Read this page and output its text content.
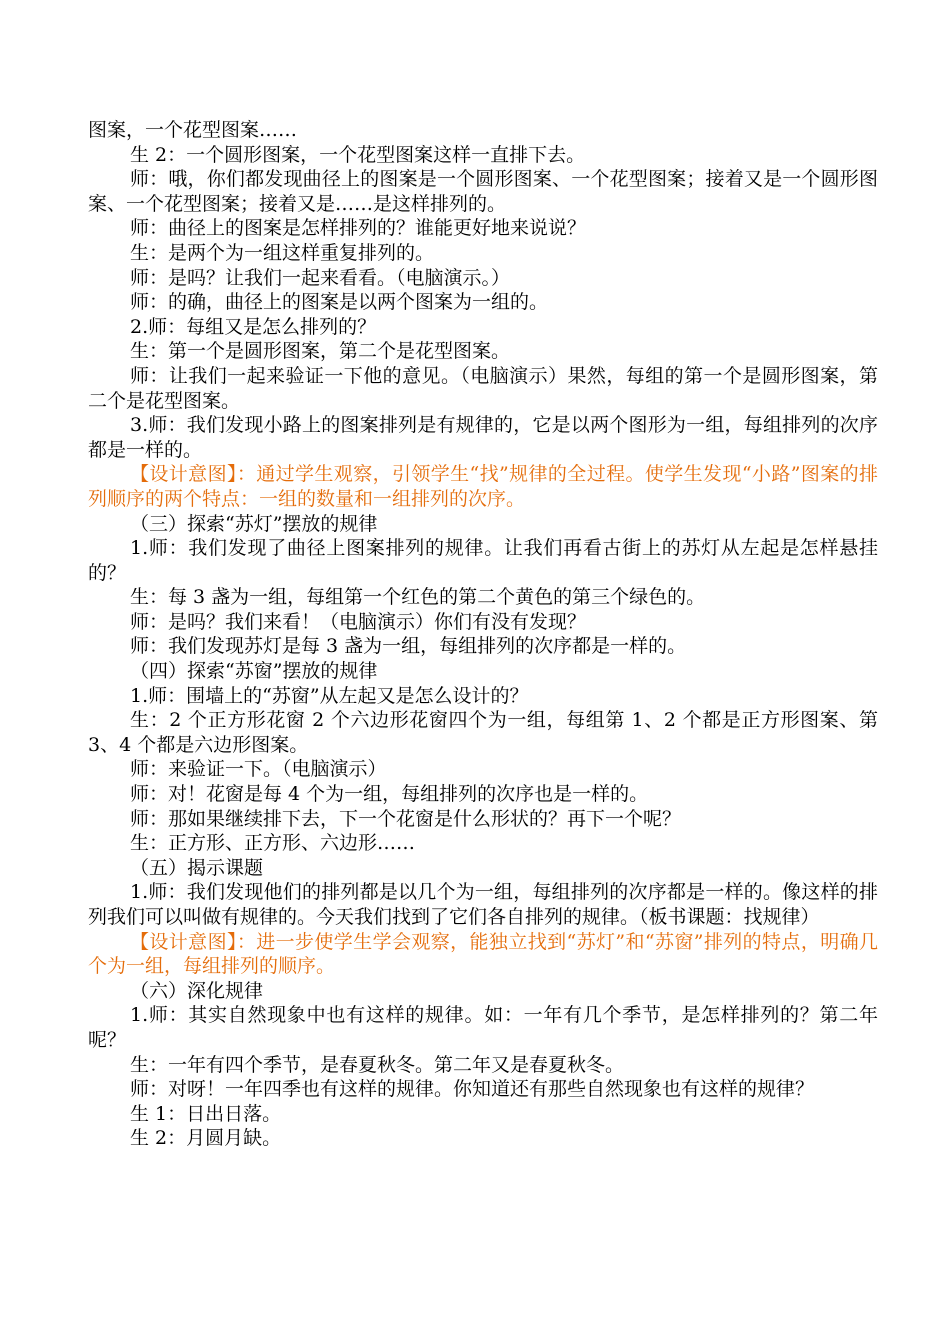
图案，一个花型图案……

生 2：一个圆形图案，一个花型图案这样一直排下去。

师：哦，你们都发现曲径上的图案是一个圆形图案、一个花型图案；接着又是一个圆形图案、一个花型图案；接着又是……是这样排列的。

师：曲径上的图案是怎样排列的？谁能更好地来说说？

生：是两个为一组这样重复排列的。

师：是吗？让我们一起来看看。（电脑演示。）

师：的确，曲径上的图案是以两个图案为一组的。

2.师：每组又是怎么排列的？

生：第一个是圆形图案，第二个是花型图案。

师：让我们一起来验证一下他的意见。（电脑演示）果然，每组的第一个是圆形图案，第二个是花型图案。

3.师：我们发现小路上的图案排列是有规律的，它是以两个图形为一组，每组排列的次序都是一样的。

【设计意图】：通过学生观察，引领学生“找”规律的全过程。使学生发现“小路”图案的排列顺序的两个特点：一组的数量和一组排列的次序。

（三）探索“苏灯”摆放的规律

1.师：我们发现了曲径上图案排列的规律。让我们再看古街上的苏灯从左起是怎样悬挂的？

生：每 3 盏为一组，每组第一个红色的第二个黄色的第三个绿色的。

师：是吗？我们来看！（电脑演示）你们有没有发现？

师：我们发现苏灯是每 3 盏为一组，每组排列的次序都是一样的。

（四）探索“苏窗”摆放的规律

1.师：围墙上的“苏窗”从左起又是怎么设计的？

生：2 个正方形花窗 2 个六边形花窗四个为一组，每组第 1、2 个都是正方形图案、第 3、4 个都是六边形图案。

师：来验证一下。（电脑演示）

师：对！花窗是每 4 个为一组，每组排列的次序也是一样的。

师：那如果继续排下去，下一个花窗是什么形状的？再下一个呢？

生：正方形、正方形、六边形……

（五）揭示课题

1.师：我们发现他们的排列都是以几个为一组，每组排列的次序都是一样的。像这样的排列我们可以叫做有规律的。今天我们找到了它们各自排列的规律。（板书课题：找规律）

【设计意图】：进一步使学生学会观察，能独立找到“苏灯”和“苏窗”排列的特点，明确几个为一组，每组排列的顺序。

（六）深化规律

1.师：其实自然现象中也有这样的规律。如：一年有几个季节，是怎样排列的？第二年呢？

生：一年有四个季节，是春夏秋冬。第二年又是春夏秋冬。

师：对呀！一年四季也有这样的规律。你知道还有那些自然现象也有这样的规律？

生 1：日出日落。

生 2：月圆月缺。
